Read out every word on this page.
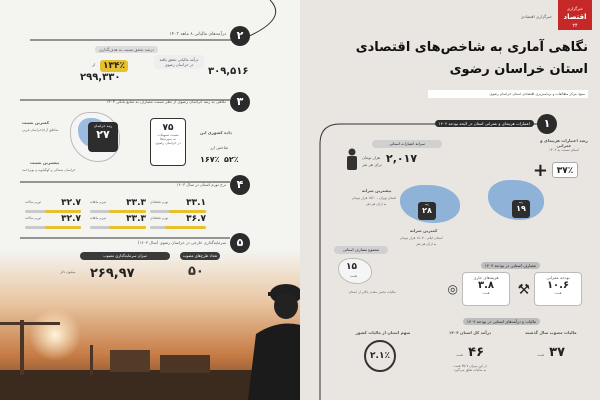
۲
درآمدهای مالیاتی ۸ ماهه ۱۴۰۳
درصد تحقق نسبت به هدف‌گذاری
۱۳۴٪
از
۲۹۹,۳۳۰
درآمد مالیاتی تحقق یافته
در خراسان رضوی
۳۰۹,۵۱۶
۳
نگاهی به رتبه خراسان رضوی از نظر نسبت مصارف به منابع بانکی ۱۴۰۳
رتبه خراسان
۲۷
کمترین نسبت
مناطق آزاد/خراسان غربی
بیشترین نسبت
خراسان شمالی و کهگیلویه و بویراحمد
۷۵
نسبت تسهیلات
به سپرده‌ها
در خراسان رضوی
داده کشوری این
شاخص ارز
۱۶۷٪ ۵۲٪
۴
نرخ تورم استان در سال ۱۴۰۳
۳۳.۱
تورم نقطه‌ای
۳۳.۳
تورم ماهانه
۳۲.۷
تورم سالانه
۳۶.۷
تورم نقطه‌ای
۳۳.۳
تورم ماهانه
۳۲.۷
تورم سالانه
۵
سرمایه‌گذاری خارجی در خراسان رضوی (سال ۱۴۰۳)
میزان سرمایه‌گذاری مصوب
۲۶۹,۹۷
میلیون دلار
تعداد طرح‌های مصوب
۵۰
خبرگزاری
اقتصاد
۲۴
خبرگزاری اقتصادی
نگاهی آماری به شاخص‌های اقتصادی
استان خراسان رضوی
منبع: مرکز مطالعات و برنامه‌ریزی اقتصادی استان خراسان رضوی
۱
اعتبارات هزینه‌ای و عمرانی استان در لایحه بودجه ۱۴۰۴
رشد اعتبارات هزینه‌ای و عمرانی
استان نسبت به ۱۴۰۳
۳۷٪
+
رتبه
۱۹
سرانه اعتبارات استانی
۲,۰۱۷
هزار تومان
برای هر نفر
رتبه
۲۸
بیشترین سرانه
استان تهران - ۱۵۶۰ هزار تومان
به ازای هر نفر
کمترین سرانه
استان ایلام - ۱۸۰۷ هزار تومان
به ازای هر نفر
مجموع مصارف استانی
۱۵
همت
مالیات بخش معدن بالاتر از استان
مصارف استانی در بودجه ۱۴۰۴
بودجه عمرانی
۱۰.۶
همت
⚒
هزینه‌های جاری
۳.۸
همت
◎
مالیات و درآمدهای استانی در بودجه ۱۴۰۴
مالیات مصوب سال گذشته
۳۷ همت
درآمد کل استان ۱۴۰۴
۴۶ همت
از این میزان ۳۵.۷ همت
به مالیات تعلق می‌گیرد
سهم استان از مالیات کشور
۲.۱٪
